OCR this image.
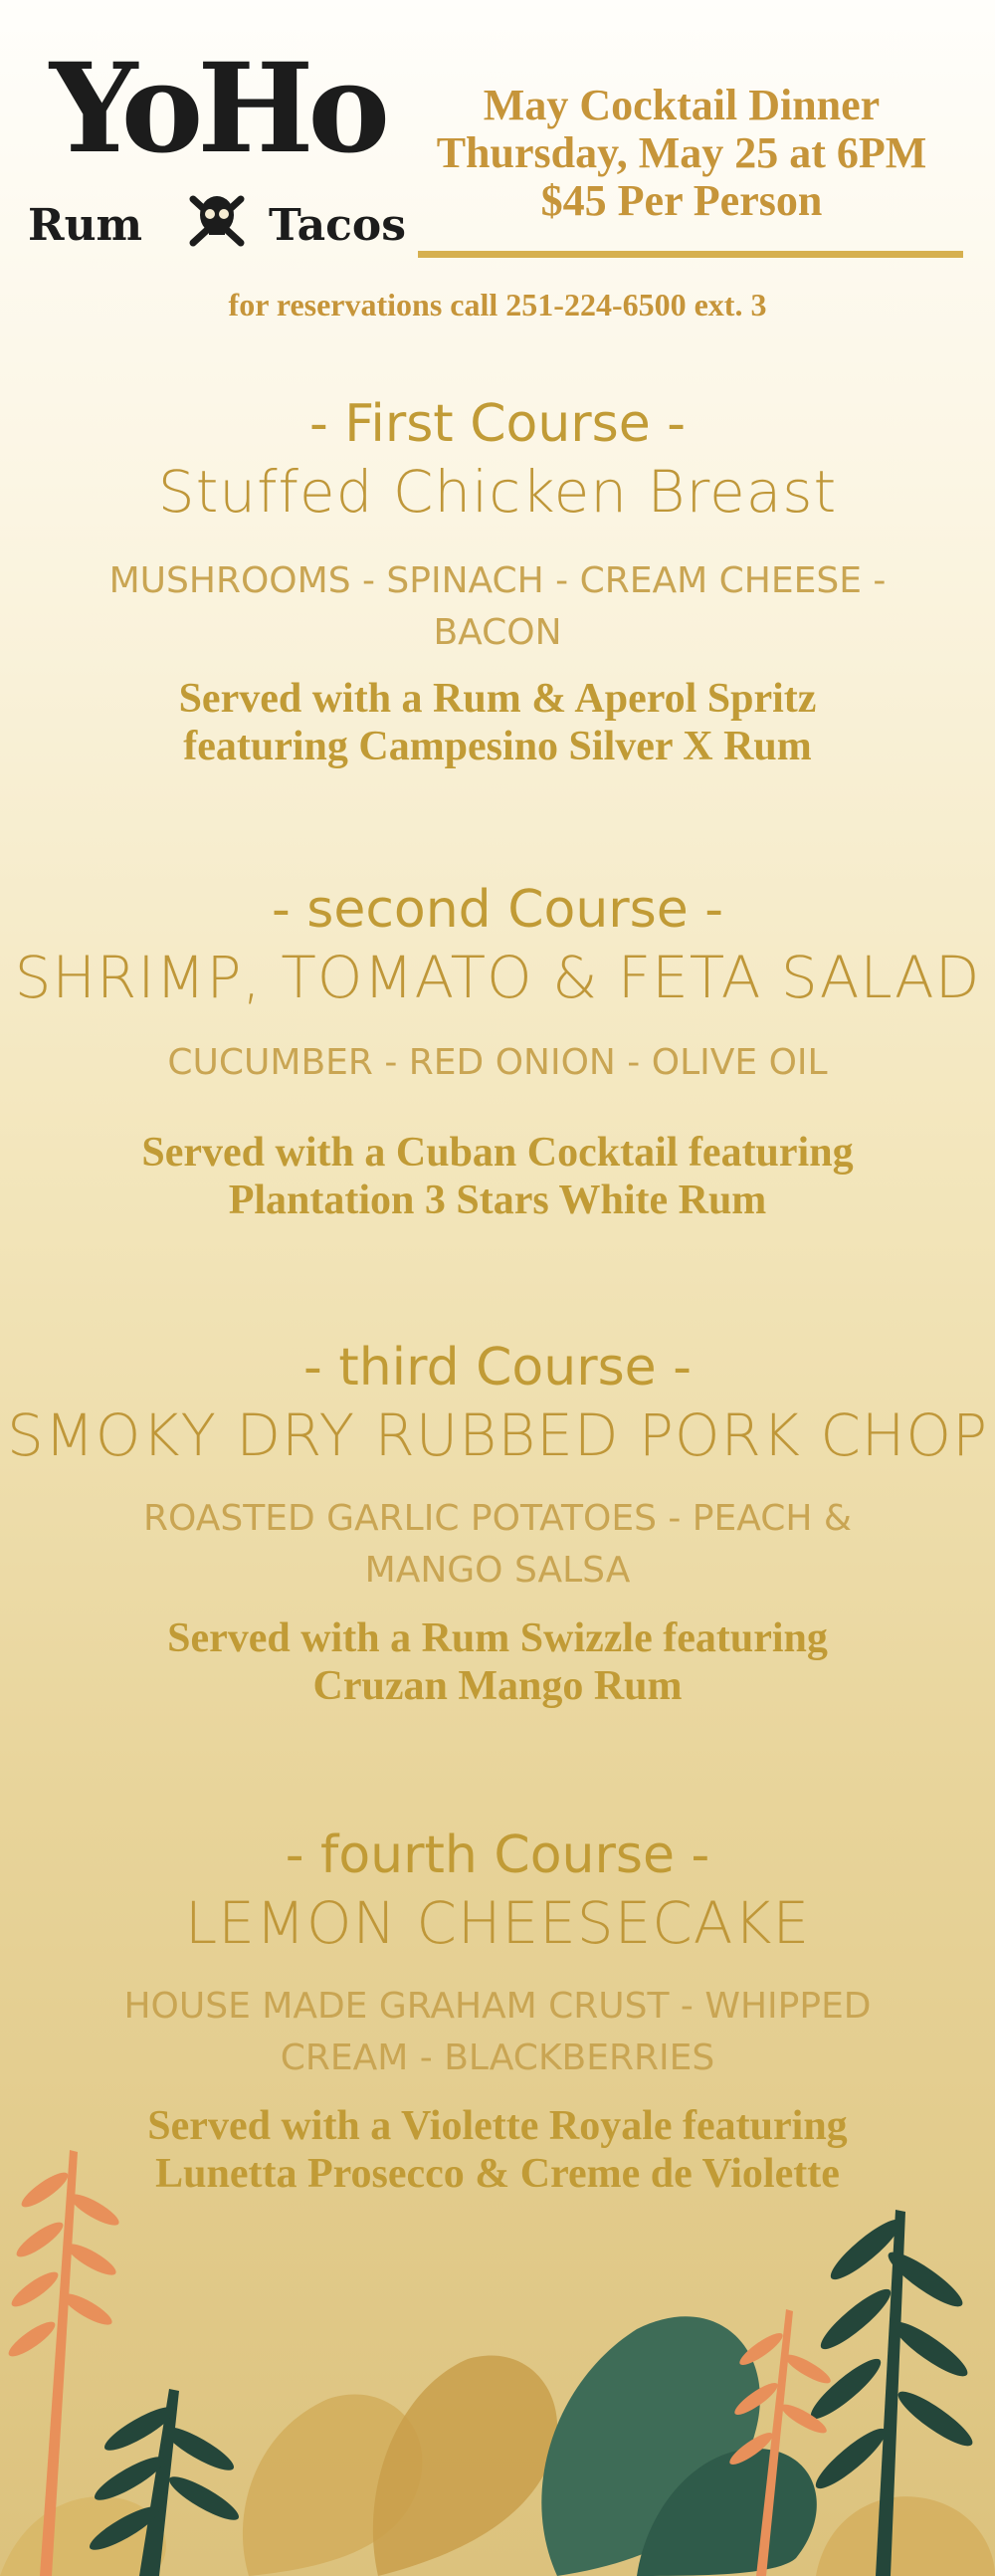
YoHo
Rum	Tacos
May Cocktail Dinner
Thursday, May 25 at 6PM
$45 Per Person
for reservations call 251-224-6500 ext. 3
- First Course -
Stuffed Chicken Breast
MUSHROOMS - SPINACH - CREAM CHEESE - BACON
Served with a Rum & Aperol Spritz featuring Campesino Silver X Rum
- second Course -
SHRIMP, TOMATO & FETA SALAD
CUCUMBER - RED ONION - OLIVE OIL
Served with a Cuban Cocktail featuring Plantation 3 Stars White Rum
- third Course -
SMOKY DRY RUBBED PORK CHOP
ROASTED GARLIC POTATOES - PEACH & MANGO SALSA
Served with a Rum Swizzle featuring Cruzan Mango Rum
- fourth Course -
LEMON CHEESECAKE
HOUSE MADE GRAHAM CRUST - WHIPPED CREAM - BLACKBERRIES
Served with a Violette Royale featuring Lunetta Prosecco & Creme de Violette
